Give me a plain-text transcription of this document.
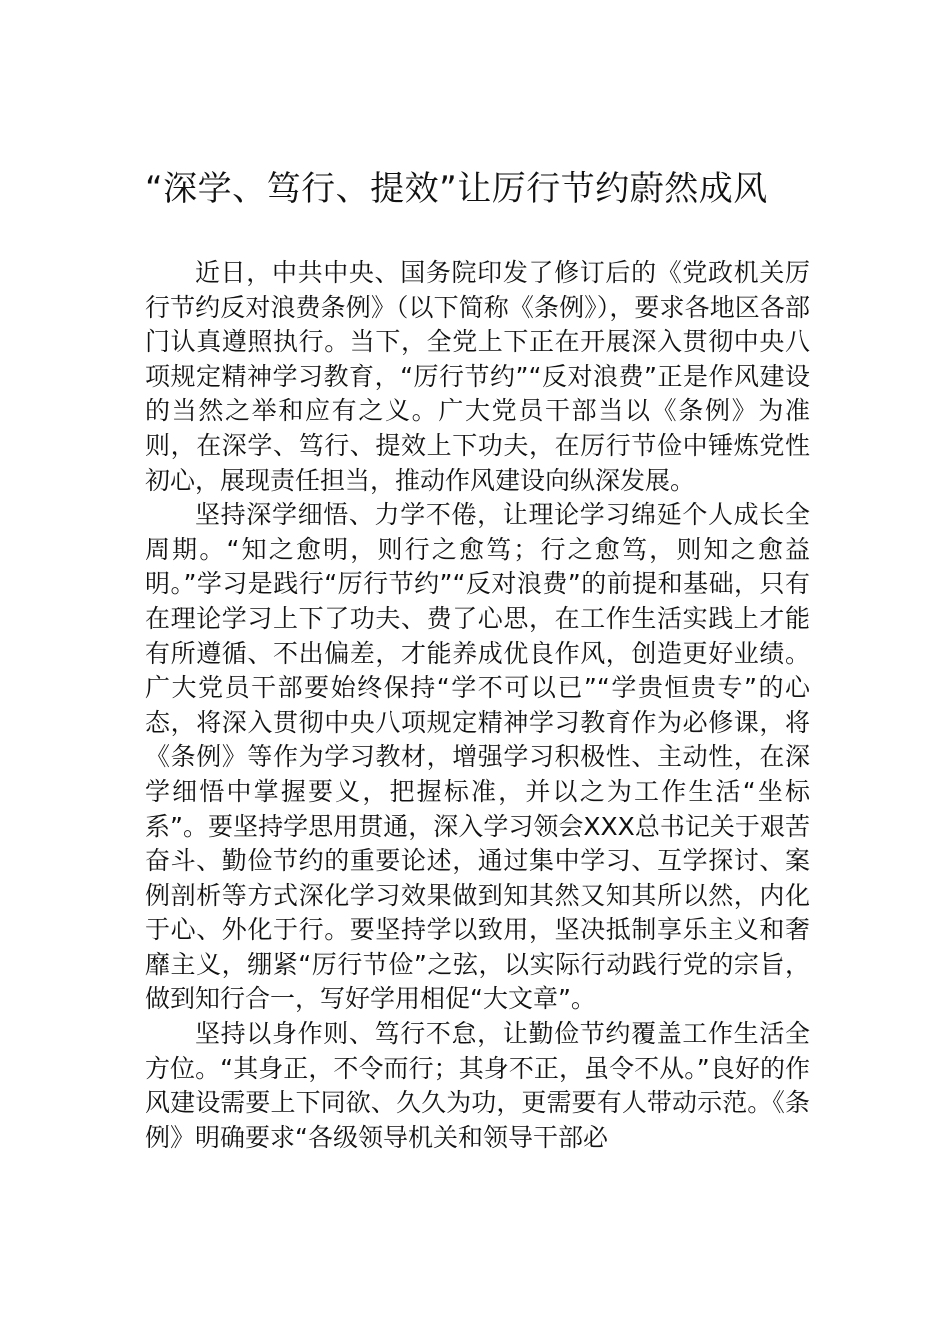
“深学、笃行、提效”让厉行节约蔚然成风

近日，中共中央、国务院印发了修订后的《党政机关厉行节约反对浪费条例》（以下简称《条例》），要求各地区各部门认真遵照执行。当下，全党上下正在开展深入贯彻中央八项规定精神学习教育，“厉行节约”“反对浪费”正是作风建设的当然之举和应有之义。广大党员干部当以《条例》为准则，在深学、笃行、提效上下功夫，在厉行节俭中锤炼党性初心，展现责任担当，推动作风建设向纵深发展。

坚持深学细悟、力学不倦，让理论学习绵延个人成长全周期。“知之愈明，则行之愈笃；行之愈笃，则知之愈益明。”学习是践行“厉行节约”“反对浪费”的前提和基础，只有在理论学习上下了功夫、费了心思，在工作生活实践上才能有所遵循、不出偏差，才能养成优良作风，创造更好业绩。广大党员干部要始终保持“学不可以已”“学贵恒贵专”的心态，将深入贯彻中央八项规定精神学习教育作为必修课，将《条例》等作为学习教材，增强学习积极性、主动性，在深学细悟中掌握要义，把握标准，并以之为工作生活“坐标系”。要坚持学思用贯通，深入学习领会XXX总书记关于艰苦奋斗、勤俭节约的重要论述，通过集中学习、互学探讨、案例剖析等方式深化学习效果做到知其然又知其所以然，内化于心、外化于行。要坚持学以致用，坚决抵制享乐主义和奢靡主义，绷紧“厉行节俭”之弦，以实际行动践行党的宗旨，做到知行合一，写好学用相促“大文章”。

坚持以身作则、笃行不怠，让勤俭节约覆盖工作生活全方位。“其身正，不令而行；其身不正，虽令不从。”良好的作风建设需要上下同欲、久久为功，更需要有人带动示范。《条例》明确要求“各级领导机关和领导干部必
